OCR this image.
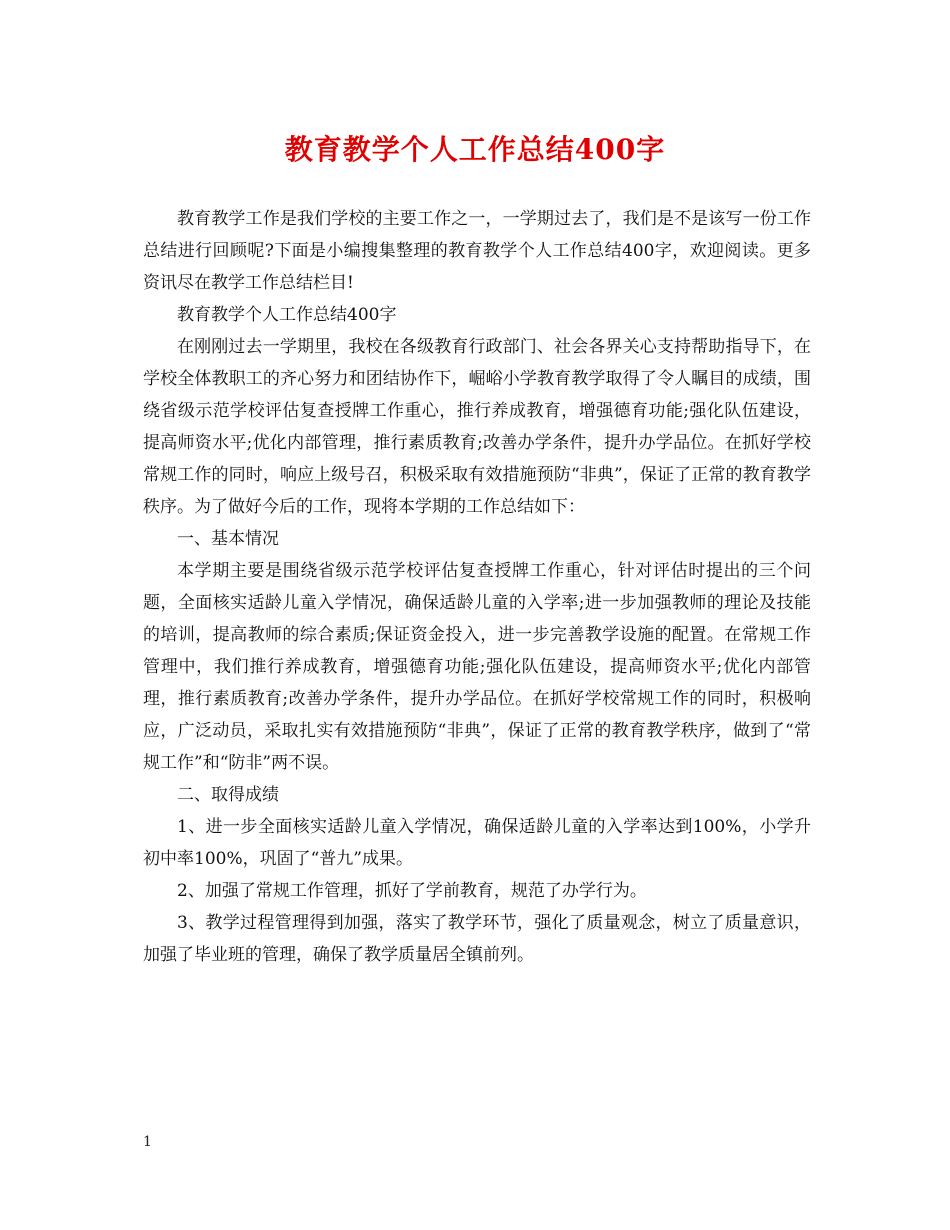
教育教学个人工作总结400字

教育教学工作是我们学校的主要工作之一，一学期过去了，我们是不是该写一份工作总结进行回顾呢?下面是小编搜集整理的教育教学个人工作总结400字，欢迎阅读。更多资讯尽在教学工作总结栏目!

教育教学个人工作总结400字

在刚刚过去一学期里，我校在各级教育行政部门、社会各界关心支持帮助指导下，在学校全体教职工的齐心努力和团结协作下，崛峪小学教育教学取得了令人瞩目的成绩，围绕省级示范学校评估复查授牌工作重心，推行养成教育，增强德育功能;强化队伍建设，提高师资水平;优化内部管理，推行素质教育;改善办学条件，提升办学品位。在抓好学校常规工作的同时，响应上级号召，积极采取有效措施预防“非典”，保证了正常的教育教学秩序。为了做好今后的工作，现将本学期的工作总结如下：

一、基本情况

本学期主要是围绕省级示范学校评估复查授牌工作重心，针对评估时提出的三个问题，全面核实适龄儿童入学情况，确保适龄儿童的入学率;进一步加强教师的理论及技能的培训，提高教师的综合素质;保证资金投入，进一步完善教学设施的配置。在常规工作管理中，我们推行养成教育，增强德育功能;强化队伍建设，提高师资水平;优化内部管理，推行素质教育;改善办学条件，提升办学品位。在抓好学校常规工作的同时，积极响应，广泛动员，采取扎实有效措施预防“非典”，保证了正常的教育教学秩序，做到了“常规工作”和“防非”两不误。

二、取得成绩

1、进一步全面核实适龄儿童入学情况，确保适龄儿童的入学率达到100%，小学升初中率100%，巩固了“普九”成果。

2、加强了常规工作管理，抓好了学前教育，规范了办学行为。

3、教学过程管理得到加强，落实了教学环节，强化了质量观念，树立了质量意识，加强了毕业班的管理，确保了教学质量居全镇前列。

1
